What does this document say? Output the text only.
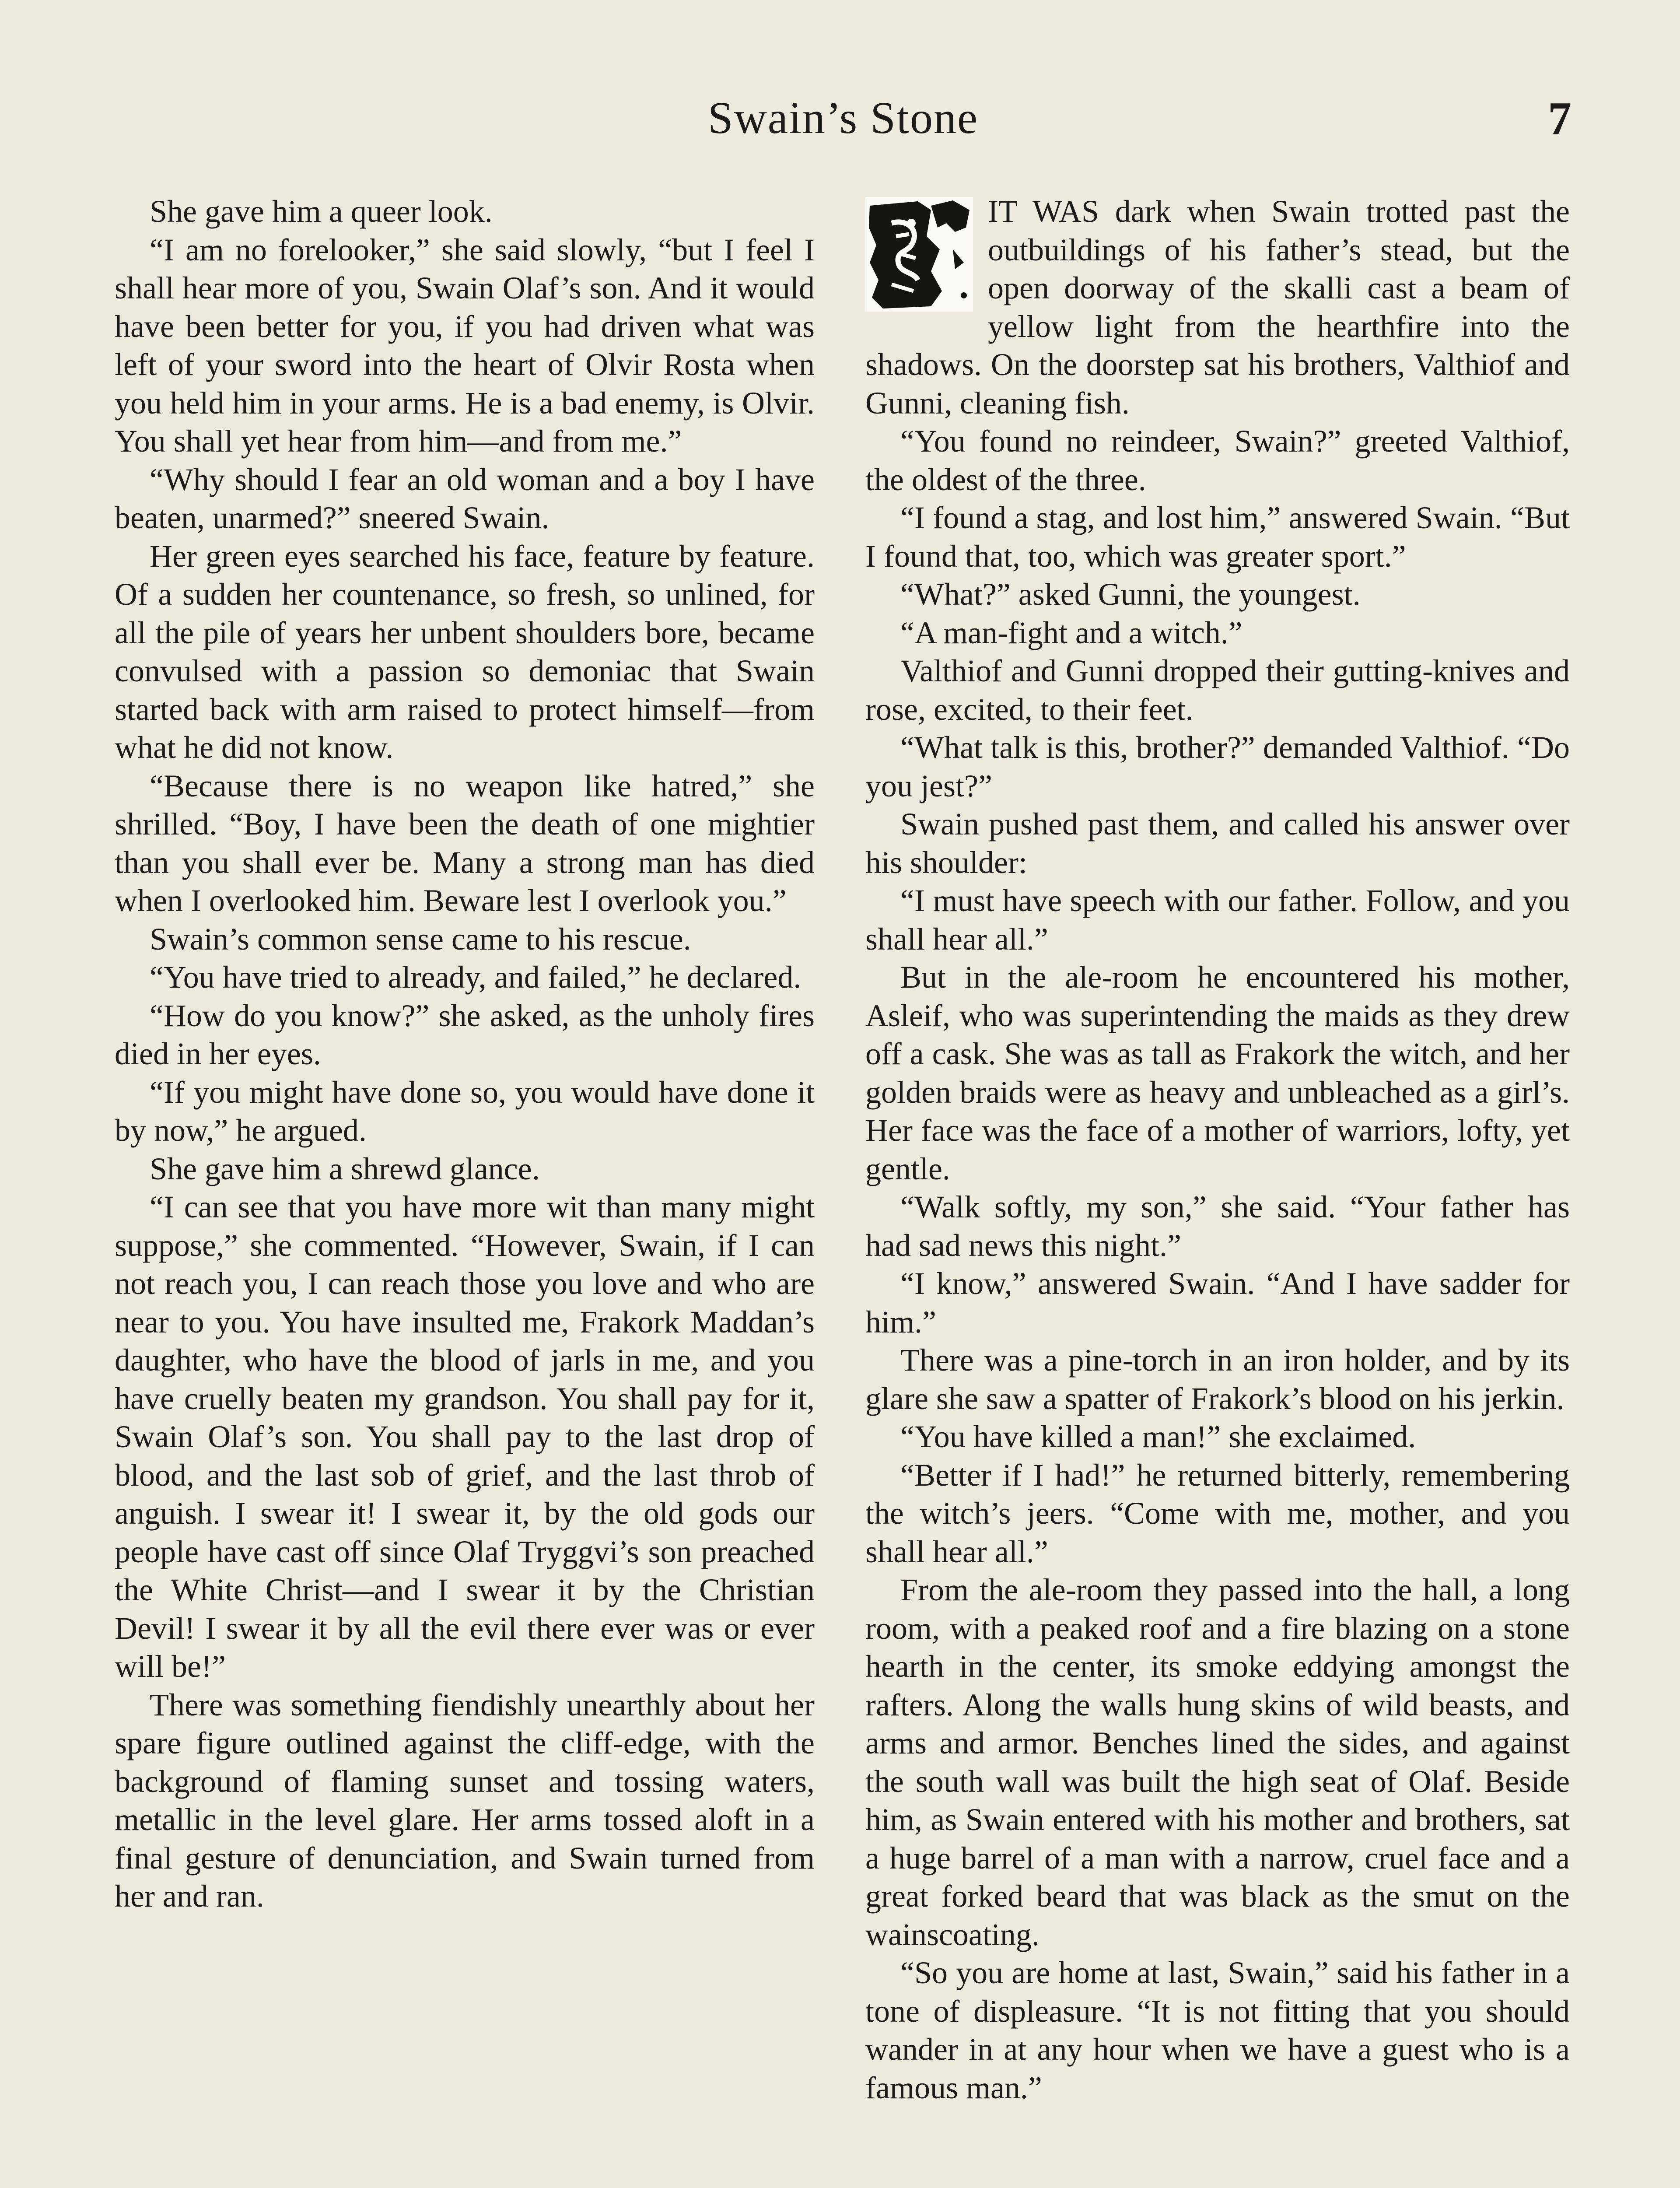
Swain’s Stone	7

She gave him a queer look.

“I am no forelooker,” she said slowly, “but I feel I shall hear more of you, Swain Olaf’s son. And it would have been better for you, if you had driven what was left of your sword into the heart of Olvir Rosta when you held him in your arms. He is a bad enemy, is Olvir. You shall yet hear from him—and from me.”

“Why should I fear an old woman and a boy I have beaten, unarmed?” sneered Swain.

Her green eyes searched his face, feature by feature. Of a sudden her countenance, so fresh, so unlined, for all the pile of years her unbent shoulders bore, became convulsed with a passion so demoniac that Swain started back with arm raised to protect himself—from what he did not know.

“Because there is no weapon like hatred,” she shrilled. “Boy, I have been the death of one mightier than you shall ever be. Many a strong man has died when I overlooked him. Beware lest I overlook you.”

Swain’s common sense came to his rescue.

“You have tried to already, and failed,” he declared.

“How do you know?” she asked, as the unholy fires died in her eyes.

“If you might have done so, you would have done it by now,” he argued.

She gave him a shrewd glance.

“I can see that you have more wit than many might suppose,” she commented. “However, Swain, if I can not reach you, I can reach those you love and who are near to you. You have insulted me, Frakork Maddan’s daughter, who have the blood of jarls in me, and you have cruelly beaten my grandson. You shall pay for it, Swain Olaf’s son. You shall pay to the last drop of blood, and the last sob of grief, and the last throb of anguish. I swear it! I swear it, by the old gods our people have cast off since Olaf Tryggvi’s son preached the White Christ—and I swear it by the Christian Devil! I swear it by all the evil there ever was or ever will be!”

There was something fiendishly unearthly about her spare figure outlined against the cliff-edge, with the background of flaming sunset and tossing waters, metallic in the level glare. Her arms tossed aloft in a final gesture of denunciation, and Swain turned from her and ran.

IT WAS dark when Swain trotted past the outbuildings of his father’s stead, but the open doorway of the skalli cast a beam of yellow light from the hearthfire into the shadows. On the doorstep sat his brothers, Valthiof and Gunni, cleaning fish.

“You found no reindeer, Swain?” greeted Valthiof, the oldest of the three.

“I found a stag, and lost him,” answered Swain. “But I found that, too, which was greater sport.”

“What?” asked Gunni, the youngest.

“A man-fight and a witch.”

Valthiof and Gunni dropped their gutting-knives and rose, excited, to their feet.

“What talk is this, brother?” demanded Valthiof. “Do you jest?”

Swain pushed past them, and called his answer over his shoulder:

“I must have speech with our father. Follow, and you shall hear all.”

But in the ale-room he encountered his mother, Asleif, who was superintending the maids as they drew off a cask. She was as tall as Frakork the witch, and her golden braids were as heavy and unbleached as a girl’s. Her face was the face of a mother of warriors, lofty, yet gentle.

“Walk softly, my son,” she said. “Your father has had sad news this night.”

“I know,” answered Swain. “And I have sadder for him.”

There was a pine-torch in an iron holder, and by its glare she saw a spatter of Frakork’s blood on his jerkin.

“You have killed a man!” she exclaimed.

“Better if I had!” he returned bitterly, remembering the witch’s jeers. “Come with me, mother, and you shall hear all.”

From the ale-room they passed into the hall, a long room, with a peaked roof and a fire blazing on a stone hearth in the center, its smoke eddying amongst the rafters. Along the walls hung skins of wild beasts, and arms and armor. Benches lined the sides, and against the south wall was built the high seat of Olaf. Beside him, as Swain entered with his mother and brothers, sat a huge barrel of a man with a narrow, cruel face and a great forked beard that was black as the smut on the wainscoating.

“So you are home at last, Swain,” said his father in a tone of displeasure. “It is not fitting that you should wander in at any hour when we have a guest who is a famous man.”
